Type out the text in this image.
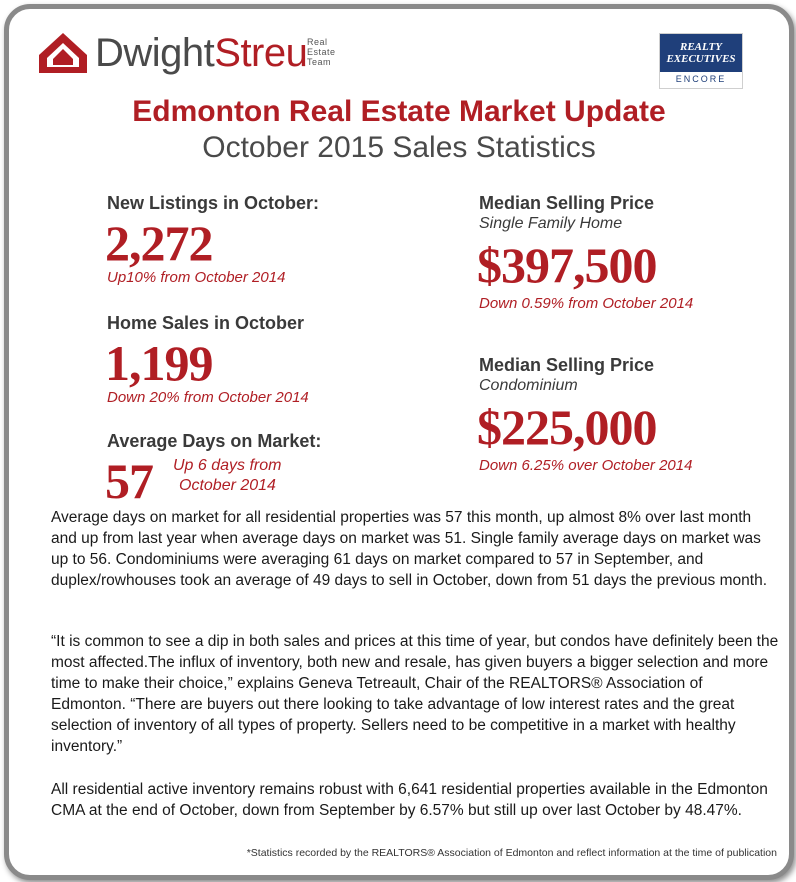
DwightStreu Real
Estate
Team
REALTY
EXECUTIVES
ENCORE
Edmonton Real Estate Market Update
October 2015 Sales Statistics
New Listings in October:
2,272
Up10% from October 2014
Home Sales in October
1,199
Down 20% from October 2014
Average Days on Market:
57 Up 6 days from
October 2014
Median Selling Price
Single Family Home
$397,500
Down 0.59% from October 2014
Median Selling Price
Condominium
$225,000
Down 6.25% over October 2014
Average days on market for all residential properties was 57 this month, up almost 8% over last month and up from last year when average days on market was 51. Single family average days on market was up to 56. Condominiums were averaging 61 days on market compared to 57 in September, and duplex/rowhouses took an average of 49 days to sell in October, down from 51 days the previous month.
“It is common to see a dip in both sales and prices at this time of year, but condos have definitely been the most affected.The influx of inventory, both new and resale, has given buyers a bigger selection and more time to make their choice,” explains Geneva Tetreault, Chair of the REALTORS® Association of Edmonton. “There are buyers out there looking to take advantage of low interest rates and the great selection of inventory of all types of property. Sellers need to be competitive in a market with healthy inventory.”
All residential active inventory remains robust with 6,641 residential properties available in the Edmonton CMA at the end of October, down from September by 6.57% but still up over last October by 48.47%.
*Statistics recorded by the REALTORS® Association of Edmonton and reflect information at the time of publication
